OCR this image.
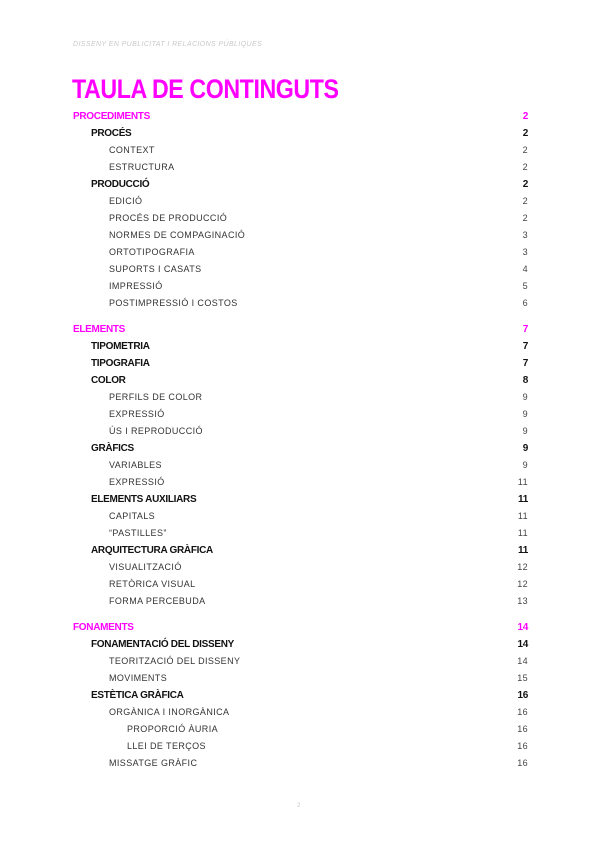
DISSENY EN PUBLICITAT I RELACIONS PÚBLIQUES
TAULA DE CONTINGUTS
PROCEDIMENTS	2
PROCÉS	2
CONTEXT	2
ESTRUCTURA	2
PRODUCCIÓ	2
EDICIÓ	2
PROCÉS DE PRODUCCIÓ	2
NORMES DE COMPAGINACIÓ	3
ORTOTIPOGRAFIA	3
SUPORTS I CASATS	4
IMPRESSIÓ	5
POSTIMPRESSIÓ I COSTOS	6
ELEMENTS	7
TIPOMETRIA	7
TIPOGRAFIA	7
COLOR	8
PERFILS DE COLOR	9
EXPRESSIÓ	9
ÚS I REPRODUCCIÓ	9
GRÀFICS	9
VARIABLES	9
EXPRESSIÓ	11
ELEMENTS AUXILIARS	11
CAPITALS	11
“PASTILLES”	11
ARQUITECTURA GRÀFICA	11
VISUALITZACIÓ	12
RETÒRICA VISUAL	12
FORMA PERCEBUDA	13
FONAMENTS	14
FONAMENTACIÓ DEL DISSENY	14
TEORITZACIÓ DEL DISSENY	14
MOVIMENTS	15
ESTÈTICA GRÀFICA	16
ORGÀNICA I INORGÀNICA	16
PROPORCIÓ ÀURIA	16
LLEI DE TERÇOS	16
MISSATGE GRÀFIC	16
2
